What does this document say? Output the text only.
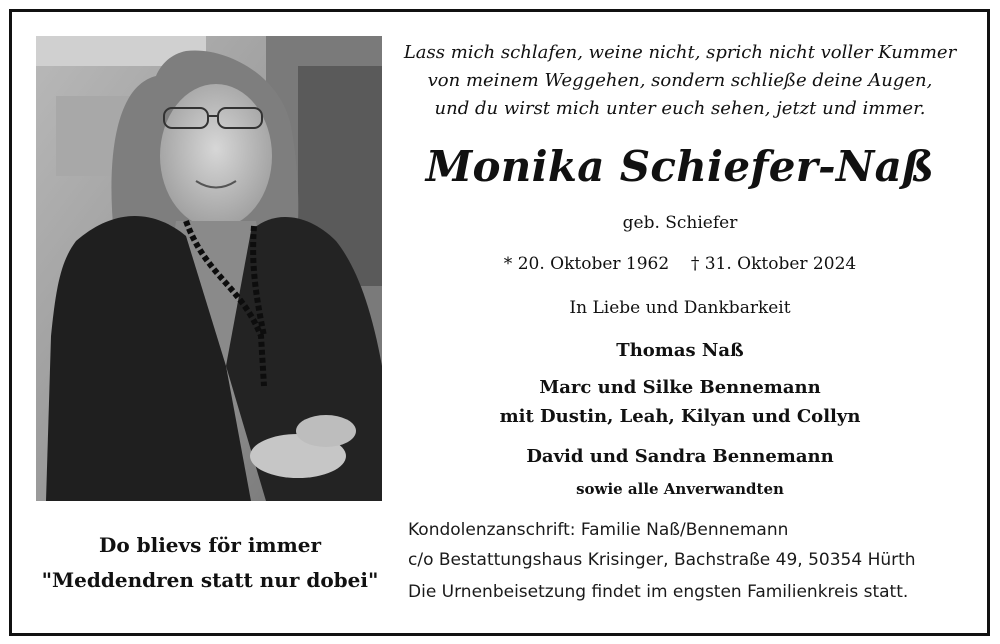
Lass mich schlafen, weine nicht, sprich nicht voller Kummer
von meinem Weggehen, sondern schließe deine Augen,
und du wirst mich unter euch sehen, jetzt und immer.
Monika Schiefer-Naß
geb. Schiefer
* 20. Oktober 1962 † 31. Oktober 2024
In Liebe und Dankbarkeit
Thomas Naß
Marc und Silke Bennemann
mit Dustin, Leah, Kilyan und Collyn
David und Sandra Bennemann
sowie alle Anverwandten
Do blievs för immer
"Meddendren statt nur dobei"
Kondolenzanschrift: Familie Naß/Bennemann
c/o Bestattungshaus Krisinger, Bachstraße 49, 50354 Hürth
Die Urnenbeisetzung findet im engsten Familienkreis statt.
